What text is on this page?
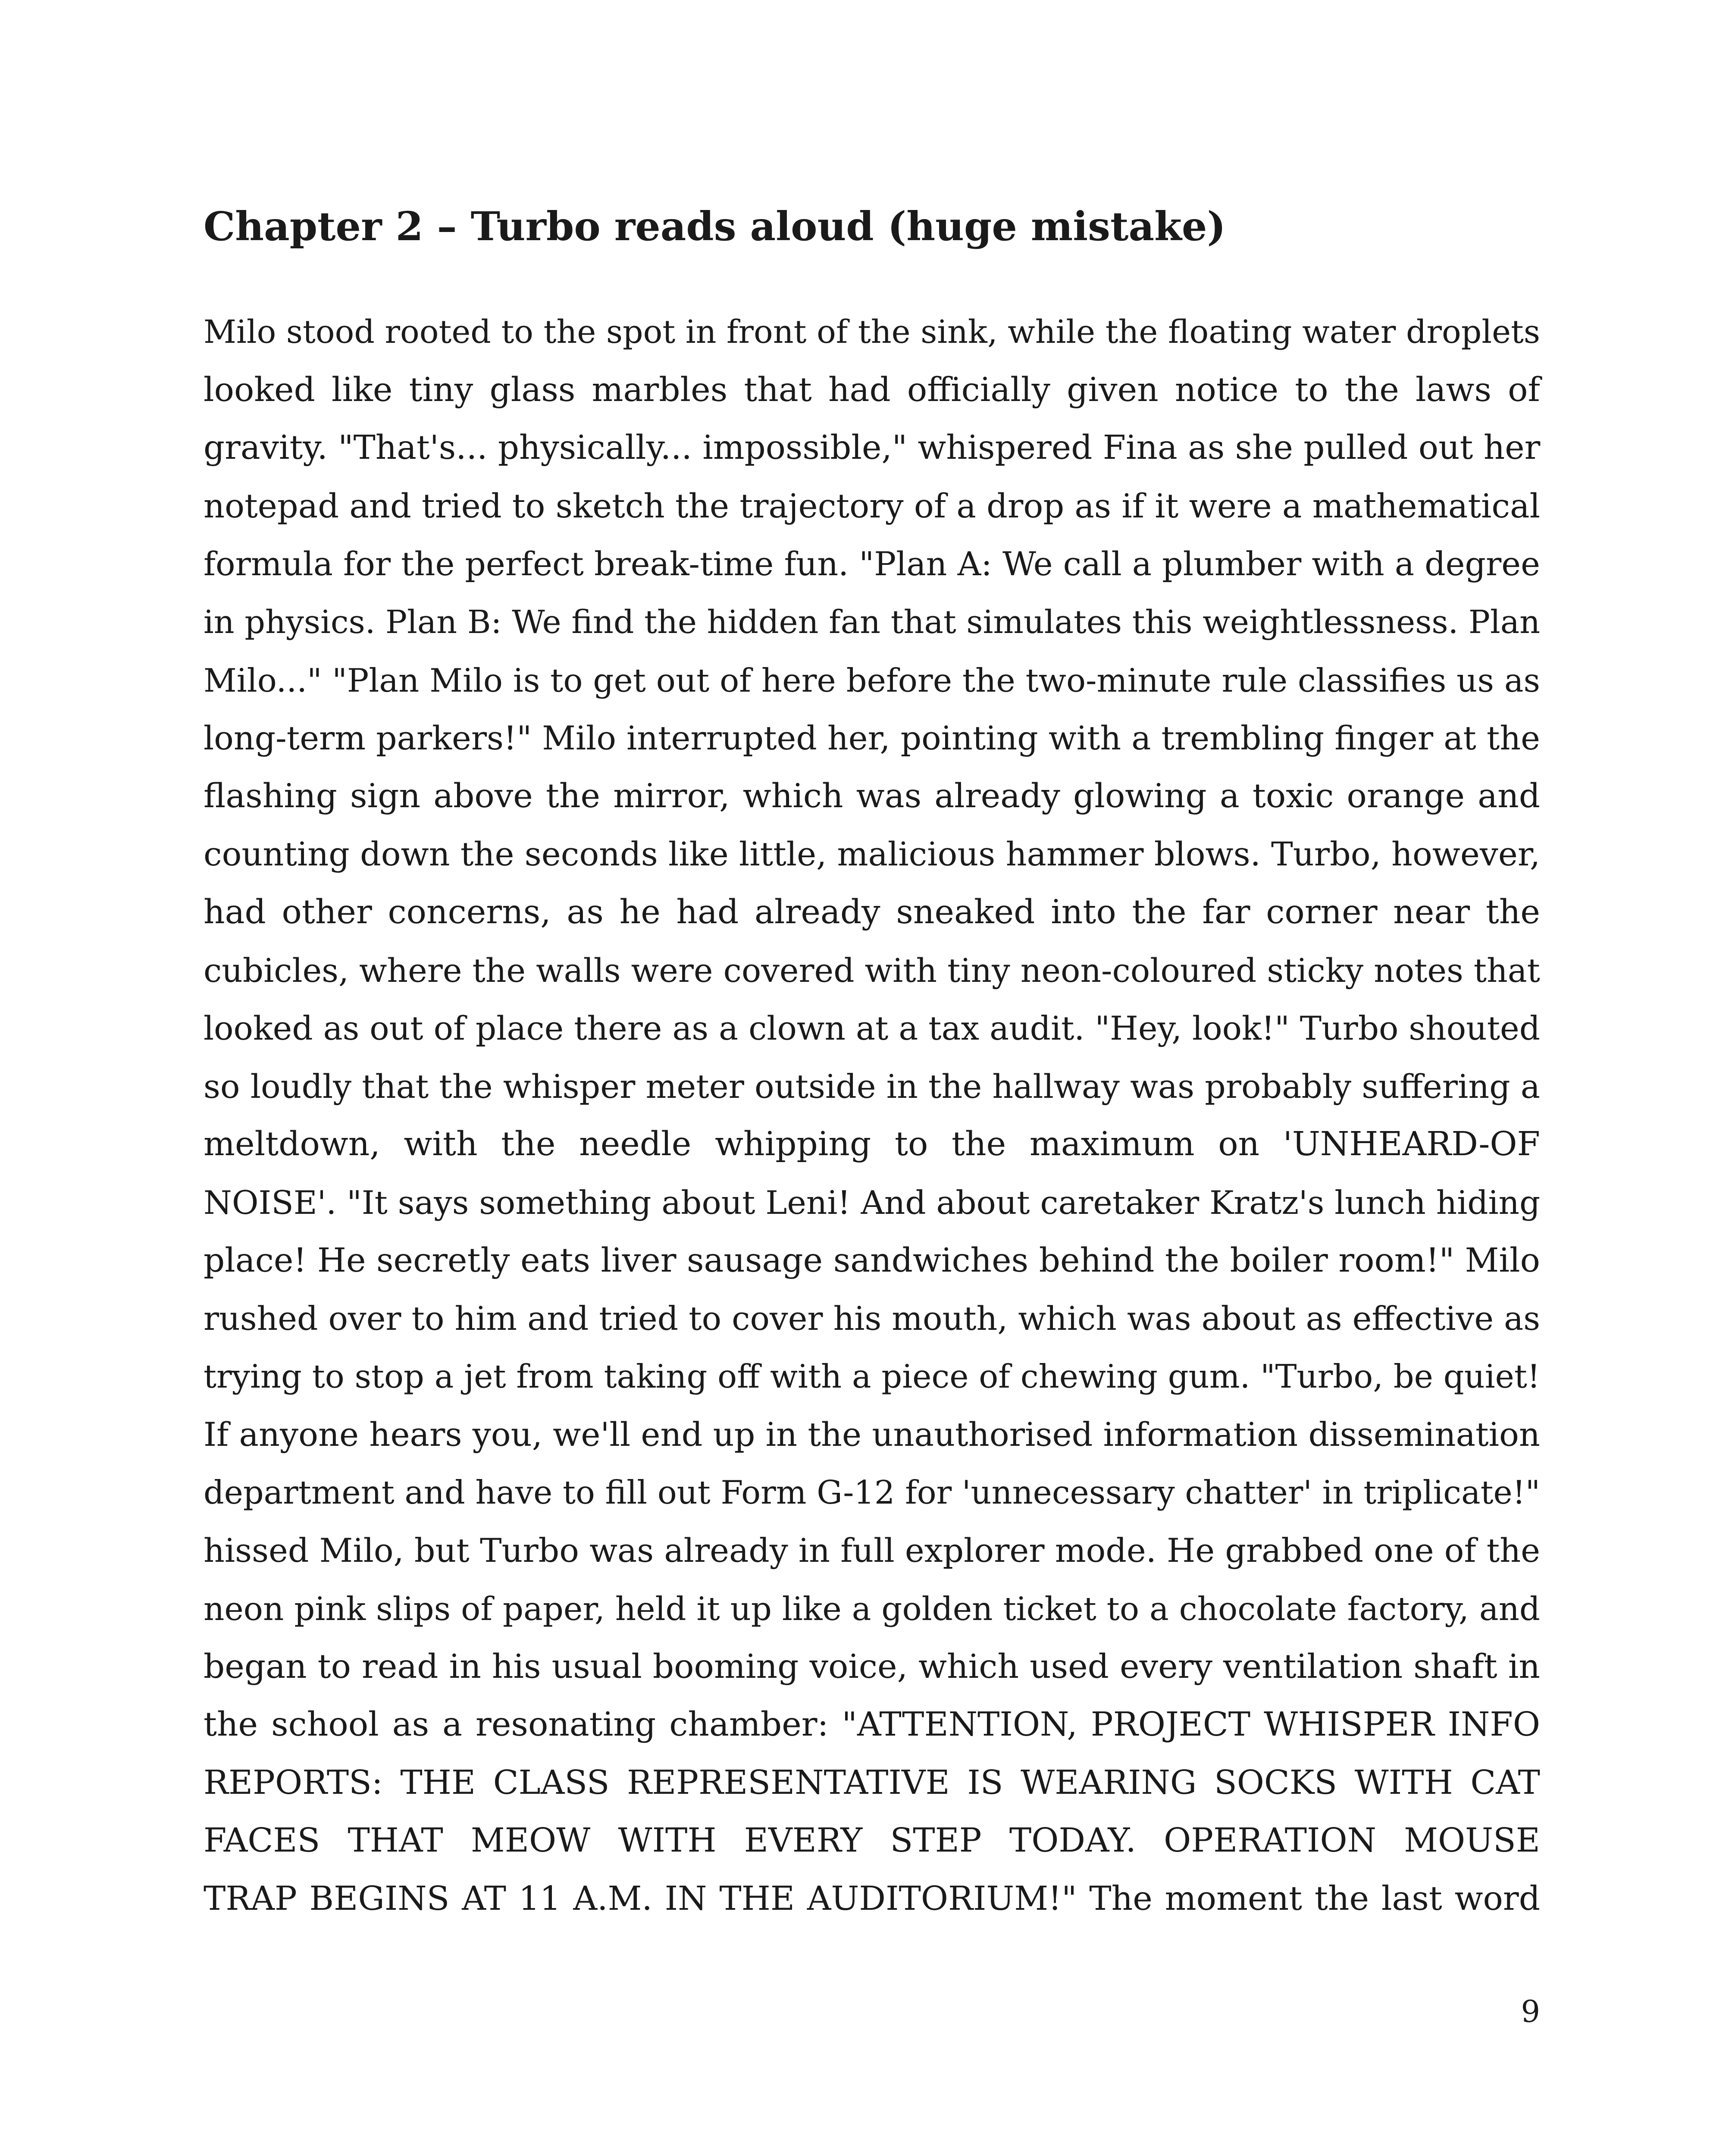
Chapter 2 – Turbo reads aloud (huge mistake)
Milo stood rooted to the spot in front of the sink, while the floating water droplets
looked like tiny glass marbles that had officially given notice to the laws of
gravity. "That's... physically... impossible," whispered Fina as she pulled out her
notepad and tried to sketch the trajectory of a drop as if it were a mathematical
formula for the perfect break-time fun. "Plan A: We call a plumber with a degree
in physics. Plan B: We find the hidden fan that simulates this weightlessness. Plan
Milo..." "Plan Milo is to get out of here before the two-minute rule classifies us as
long-term parkers!" Milo interrupted her, pointing with a trembling finger at the
flashing sign above the mirror, which was already glowing a toxic orange and
counting down the seconds like little, malicious hammer blows. Turbo, however,
had other concerns, as he had already sneaked into the far corner near the
cubicles, where the walls were covered with tiny neon-coloured sticky notes that
looked as out of place there as a clown at a tax audit. "Hey, look!" Turbo shouted
so loudly that the whisper meter outside in the hallway was probably suffering a
meltdown, with the needle whipping to the maximum on 'UNHEARD-OF
NOISE'. "It says something about Leni! And about caretaker Kratz's lunch hiding
place! He secretly eats liver sausage sandwiches behind the boiler room!" Milo
rushed over to him and tried to cover his mouth, which was about as effective as
trying to stop a jet from taking off with a piece of chewing gum. "Turbo, be quiet!
If anyone hears you, we'll end up in the unauthorised information dissemination
department and have to fill out Form G-12 for 'unnecessary chatter' in triplicate!"
hissed Milo, but Turbo was already in full explorer mode. He grabbed one of the
neon pink slips of paper, held it up like a golden ticket to a chocolate factory, and
began to read in his usual booming voice, which used every ventilation shaft in
the school as a resonating chamber: "ATTENTION, PROJECT WHISPER INFO
REPORTS: THE CLASS REPRESENTATIVE IS WEARING SOCKS WITH CAT
FACES THAT MEOW WITH EVERY STEP TODAY. OPERATION MOUSE
TRAP BEGINS AT 11 A.M. IN THE AUDITORIUM!" The moment the last word
9
